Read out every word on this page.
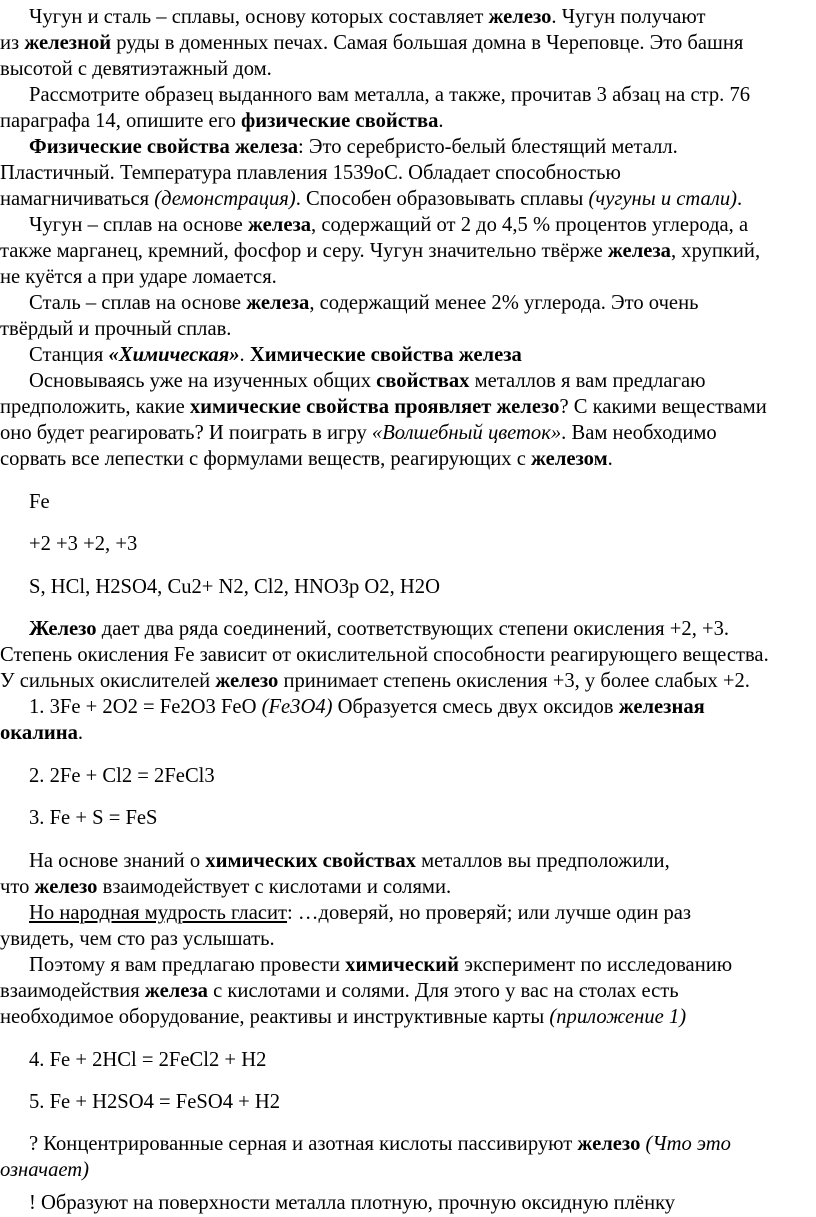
Чугун и сталь – сплавы, основу которых составляет железо. Чугун получают
из железной руды в доменных печах. Самая большая домна в Череповце. Это башня
высотой с девятиэтажный дом.
Рассмотрите образец выданного вам металла, а также, прочитав 3 абзац на стр. 76
параграфа 14, опишите его физические свойства.
Физические свойства железа: Это серебристо-белый блестящий металл.
Пластичный. Температура плавления 1539оС. Обладает способностью
намагничиваться (демонстрация). Способен образовывать сплавы (чугуны и стали).
Чугун – сплав на основе железа, содержащий от 2 до 4,5 % процентов углерода, а
также марганец, кремний, фосфор и серу. Чугун значительно твёрже железа, хрупкий,
не куётся а при ударе ломается.
Сталь – сплав на основе железа, содержащий менее 2% углерода. Это очень
твёрдый и прочный сплав.
Станция «Химическая». Химические свойства железа
Основываясь уже на изученных общих свойствах металлов я вам предлагаю
предположить, какие химические свойства проявляет железо? С какими веществами
оно будет реагировать? И поиграть в игру «Волшебный цветок». Вам необходимо
сорвать все лепестки с формулами веществ, реагирующих с железом.
Fe
+2 +3 +2, +3
S, HCl, H2SO4, Cu2+ N2, Cl2, HNO3р O2, H2O
Железо дает два ряда соединений, соответствующих степени окисления +2, +3.
Степень окисления Fe зависит от окислительной способности реагирующего вещества.
У сильных окислителей железо принимает степень окисления +3, у более слабых +2.
1. 3Fe + 2O2 = Fe2O3 FeO (Fe3O4) Образуется смесь двух оксидов железная
окалина.
2. 2Fe + Cl2 = 2FeCl3
3. Fe + S = FeS
На основе знаний о химических свойствах металлов вы предположили,
что железо взаимодействует с кислотами и солями.
Но народная мудрость гласит: …доверяй, но проверяй; или лучше один раз
увидеть, чем сто раз услышать.
Поэтому я вам предлагаю провести химический эксперимент по исследованию
взаимодействия железа с кислотами и солями. Для этого у вас на столах есть
необходимое оборудование, реактивы и инструктивные карты (приложение 1)
4. Fe + 2HCl = 2FeCl2 + H2
5. Fe + H2SO4 = FeSO4 + H2
? Концентрированные серная и азотная кислоты пассивируют железо (Что это
означает)
! Образуют на поверхности металла плотную, прочную оксидную плёнку
